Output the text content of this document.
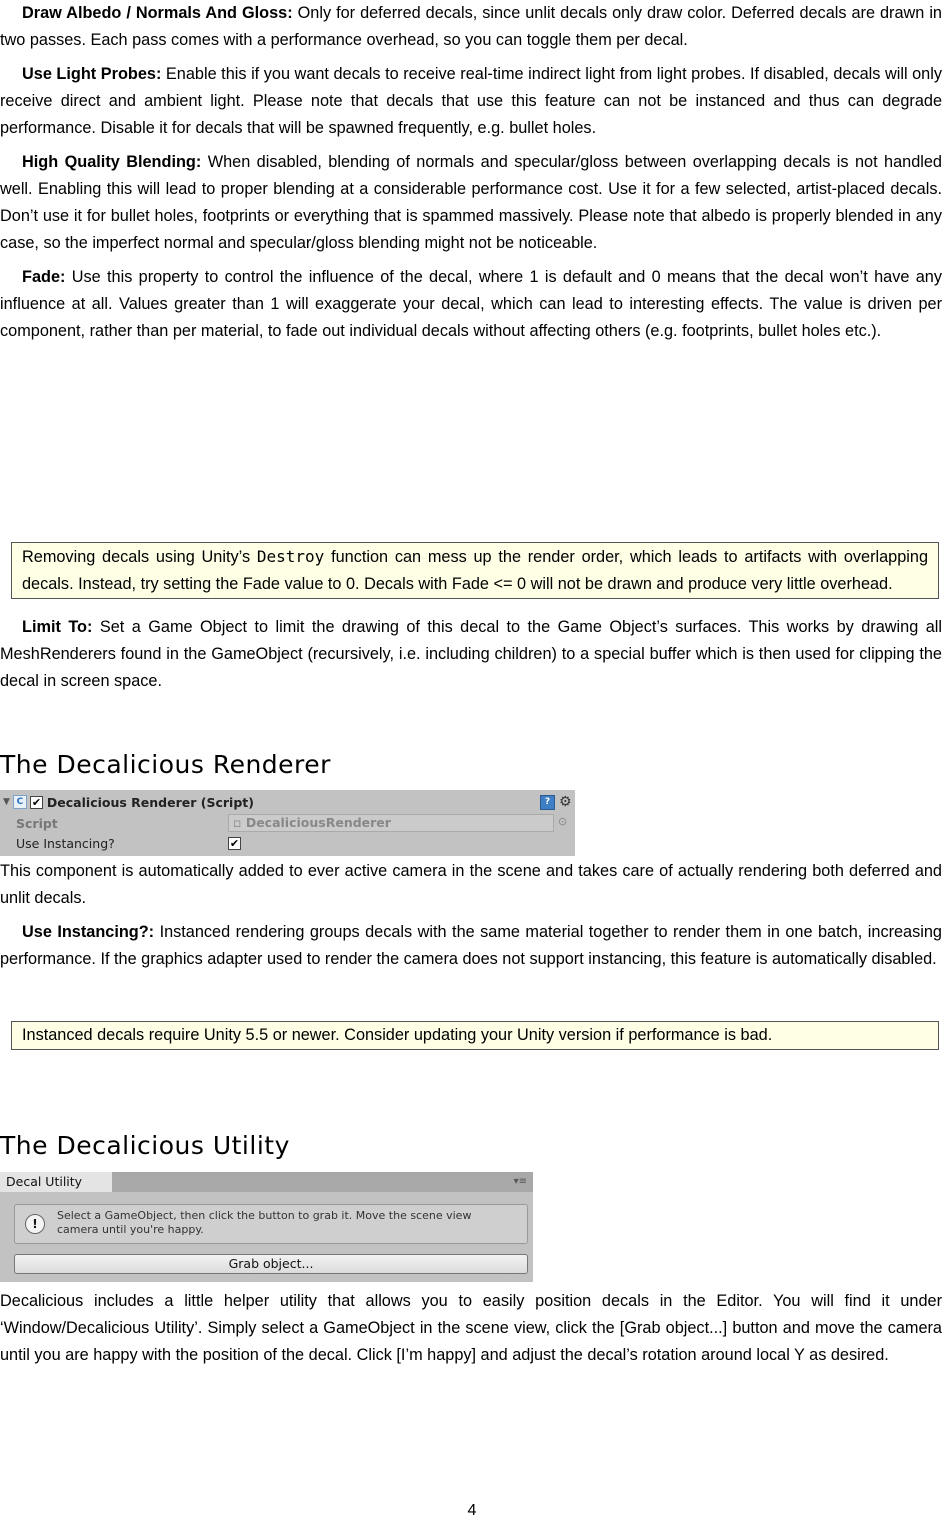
Draw Albedo / Normals And Gloss: Only for deferred decals, since unlit decals only draw color. Deferred decals are drawn in two passes. Each pass comes with a performance overhead, so you can toggle them per decal.

Use Light Probes: Enable this if you want decals to receive real-time indirect light from light probes. If disabled, decals will only receive direct and ambient light. Please note that decals that use this feature can not be instanced and thus can degrade performance. Disable it for decals that will be spawned frequently, e.g. bullet holes.

High Quality Blending: When disabled, blending of normals and specular/gloss between overlapping decals is not handled well. Enabling this will lead to proper blending at a considerable performance cost. Use it for a few selected, artist-placed decals. Don’t use it for bullet holes, footprints or everything that is spammed massively. Please note that albedo is properly blended in any case, so the imperfect normal and specular/gloss blending might not be noticeable.

Fade: Use this property to control the influence of the decal, where 1 is default and 0 means that the decal won’t have any influence at all. Values greater than 1 will exaggerate your decal, which can lead to interesting effects. The value is driven per component, rather than per material, to fade out individual decals without affecting others (e.g. footprints, bullet holes etc.).

Removing decals using Unity’s Destroy function can mess up the render order, which leads to artifacts with overlapping decals. Instead, try setting the Fade value to 0. Decals with Fade <= 0 will not be drawn and produce very little overhead.

Limit To: Set a Game Object to limit the drawing of this decal to the Game Object’s surfaces. This works by drawing all MeshRenderers found in the GameObject (recursively, i.e. including children) to a special buffer which is then used for clipping the decal in screen space.

The Decalicious Renderer
▼ C ✔ Decalicious Renderer (Script)	? ⚙
Script	▫ DecaliciousRenderer	⊙
Use Instancing?	✔

This component is automatically added to ever active camera in the scene and takes care of actually rendering both deferred and unlit decals.

Use Instancing?: Instanced rendering groups decals with the same material together to render them in one batch, increasing performance. If the graphics adapter used to render the camera does not support instancing, this feature is automatically disabled.

Instanced decals require Unity 5.5 or newer. Consider updating your Unity version if performance is bad.
The Decalicious Utility
Decal Utility	▾≡
!
Select a GameObject, then click the button to grab it. Move the scene view camera until you're happy.
Grab object...

Decalicious includes a little helper utility that allows you to easily position decals in the Editor. You will find it under ‘Window/Decalicious Utility’. Simply select a GameObject in the scene view, click the [Grab object...] button and move the camera until you are happy with the position of the decal. Click [I’m happy] and adjust the decal’s rotation around local Y as desired.

4
